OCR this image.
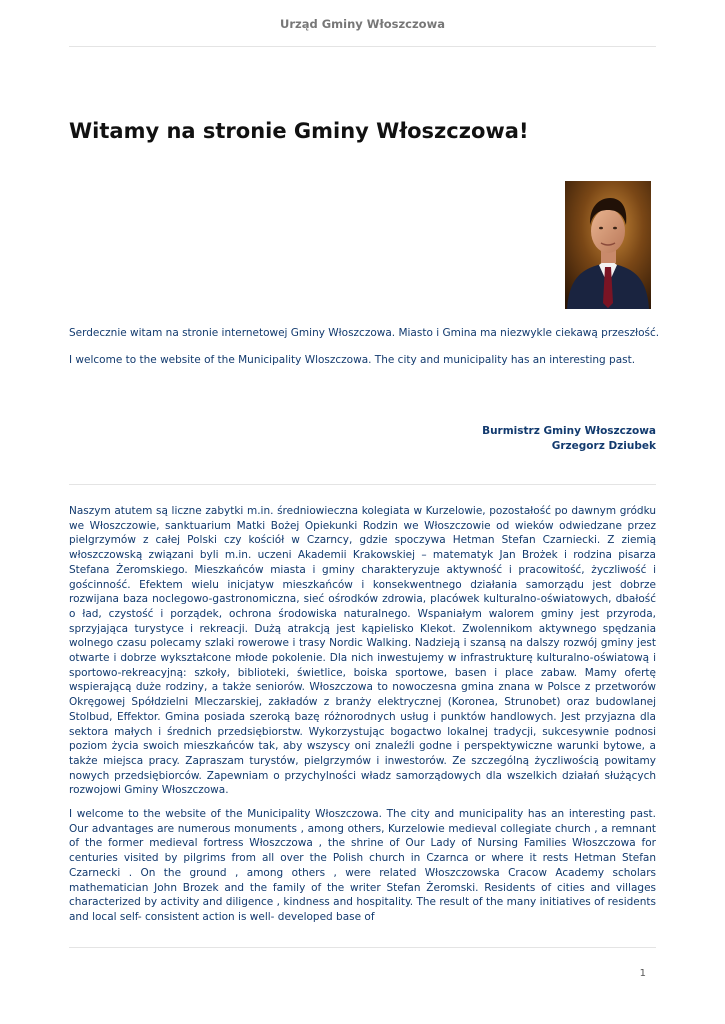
Urząd Gminy Włoszczowa
Witamy na stronie Gminy Włoszczowa!
Serdecznie witam na stronie internetowej Gminy Włoszczowa. Miasto i Gmina ma niezwykle ciekawą przeszłość.
I welcome to the website of the Municipality Wloszczowa. The city and municipality has an interesting past.
Burmistrz Gminy Włoszczowa
Grzegorz Dziubek

Naszym atutem są liczne zabytki m.in. średniowieczna kolegiata w Kurzelowie, pozostałość po dawnym gródku we Włoszczowie, sanktuarium Matki Bożej Opiekunki Rodzin we Włoszczowie od wieków odwiedzane przez pielgrzymów z całej Polski czy kościół w Czarncy, gdzie spoczywa Hetman Stefan Czarniecki. Z ziemią włoszczowską związani byli m.in. uczeni Akademii Krakowskiej – matematyk Jan Brożek i rodzina pisarza Stefana Żeromskiego. Mieszkańców miasta i gminy charakteryzuje aktywność i pracowitość, życzliwość i gościnność. Efektem wielu inicjatyw mieszkańców i konsekwentnego działania samorządu jest dobrze rozwijana baza noclegowo-gastronomiczna, sieć ośrodków zdrowia, placówek kulturalno-oświatowych, dbałość o ład, czystość i porządek, ochrona środowiska naturalnego. Wspaniałym walorem gminy jest przyroda, sprzyjająca turystyce i rekreacji. Dużą atrakcją jest kąpielisko Klekot. Zwolennikom aktywnego spędzania wolnego czasu polecamy szlaki rowerowe i trasy Nordic Walking. Nadzieją i szansą na dalszy rozwój gminy jest otwarte i dobrze wykształcone młode pokolenie. Dla nich inwestujemy w infrastrukturę kulturalno-oświatową i sportowo-rekreacyjną: szkoły, biblioteki, świetlice, boiska sportowe, basen i place zabaw. Mamy ofertę wspierającą duże rodziny, a także seniorów. Włoszczowa to nowoczesna gmina znana w Polsce z przetworów Okręgowej Spółdzielni Mleczarskiej, zakładów z branży elektrycznej (Koronea, Strunobet) oraz budowlanej Stolbud, Effektor. Gmina posiada szeroką bazę różnorodnych usług i punktów handlowych. Jest przyjazna dla sektora małych i średnich przedsiębiorstw. Wykorzystując bogactwo lokalnej tradycji, sukcesywnie podnosi poziom życia swoich mieszkańców tak, aby wszyscy oni znaleźli godne i perspektywiczne warunki bytowe, a także miejsca pracy. Zapraszam turystów, pielgrzymów i inwestorów. Ze szczególną życzliwością powitamy nowych przedsiębiorców. Zapewniam o przychylności władz samorządowych dla wszelkich działań służących rozwojowi Gminy Włoszczowa.

I welcome to the website of the Municipality Włoszczowa. The city and municipality has an interesting past. Our advantages are numerous monuments , among others, Kurzelowie medieval collegiate church , a remnant of the former medieval fortress Włoszczowa , the shrine of Our Lady of Nursing Families Włoszczowa for centuries visited by pilgrims from all over the Polish church in Czarnca or where it rests Hetman Stefan Czarnecki . On the ground , among others , were related Włoszczowska Cracow Academy scholars mathematician John Brozek and the family of the writer Stefan Żeromski. Residents of cities and villages characterized by activity and diligence , kindness and hospitality. The result of the many initiatives of residents and local self- consistent action is well- developed base of

1
